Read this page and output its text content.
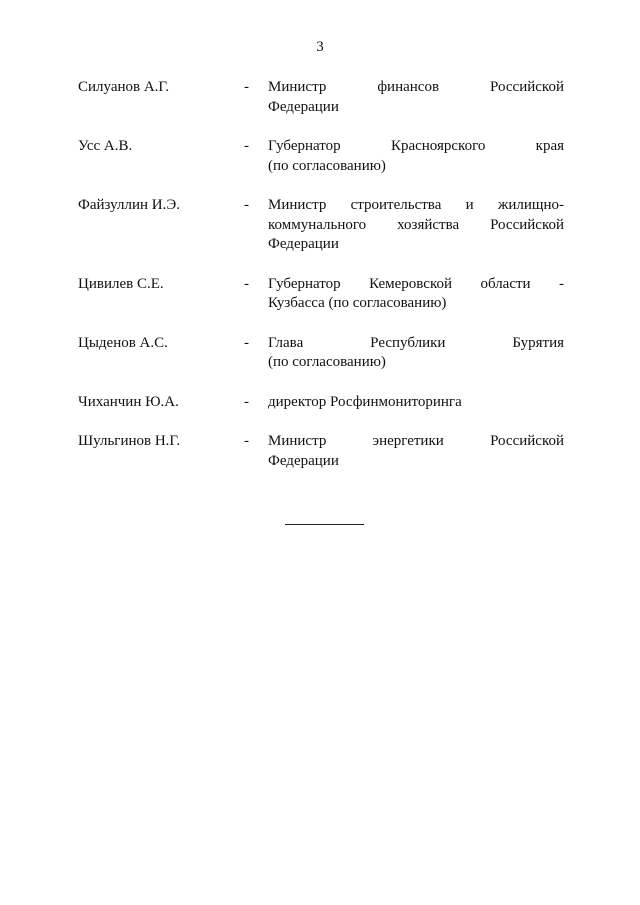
3
Силуанов А.Г.	-	Министр финансов Российской
Федерации
Усс А.В.	-	Губернатор Красноярского края
(по согласованию)
Файзуллин И.Э.	-	Министр строительства и жилищно-
коммунального хозяйства Российской
Федерации
Цивилев С.Е.	-	Губернатор Кемеровской области -
Кузбасса (по согласованию)
Цыденов А.С.	-	Глава Республики Бурятия
(по согласованию)
Чиханчин Ю.А.	-	директор Росфинмониторинга
Шульгинов Н.Г.	-	Министр энергетики Российской
Федерации
